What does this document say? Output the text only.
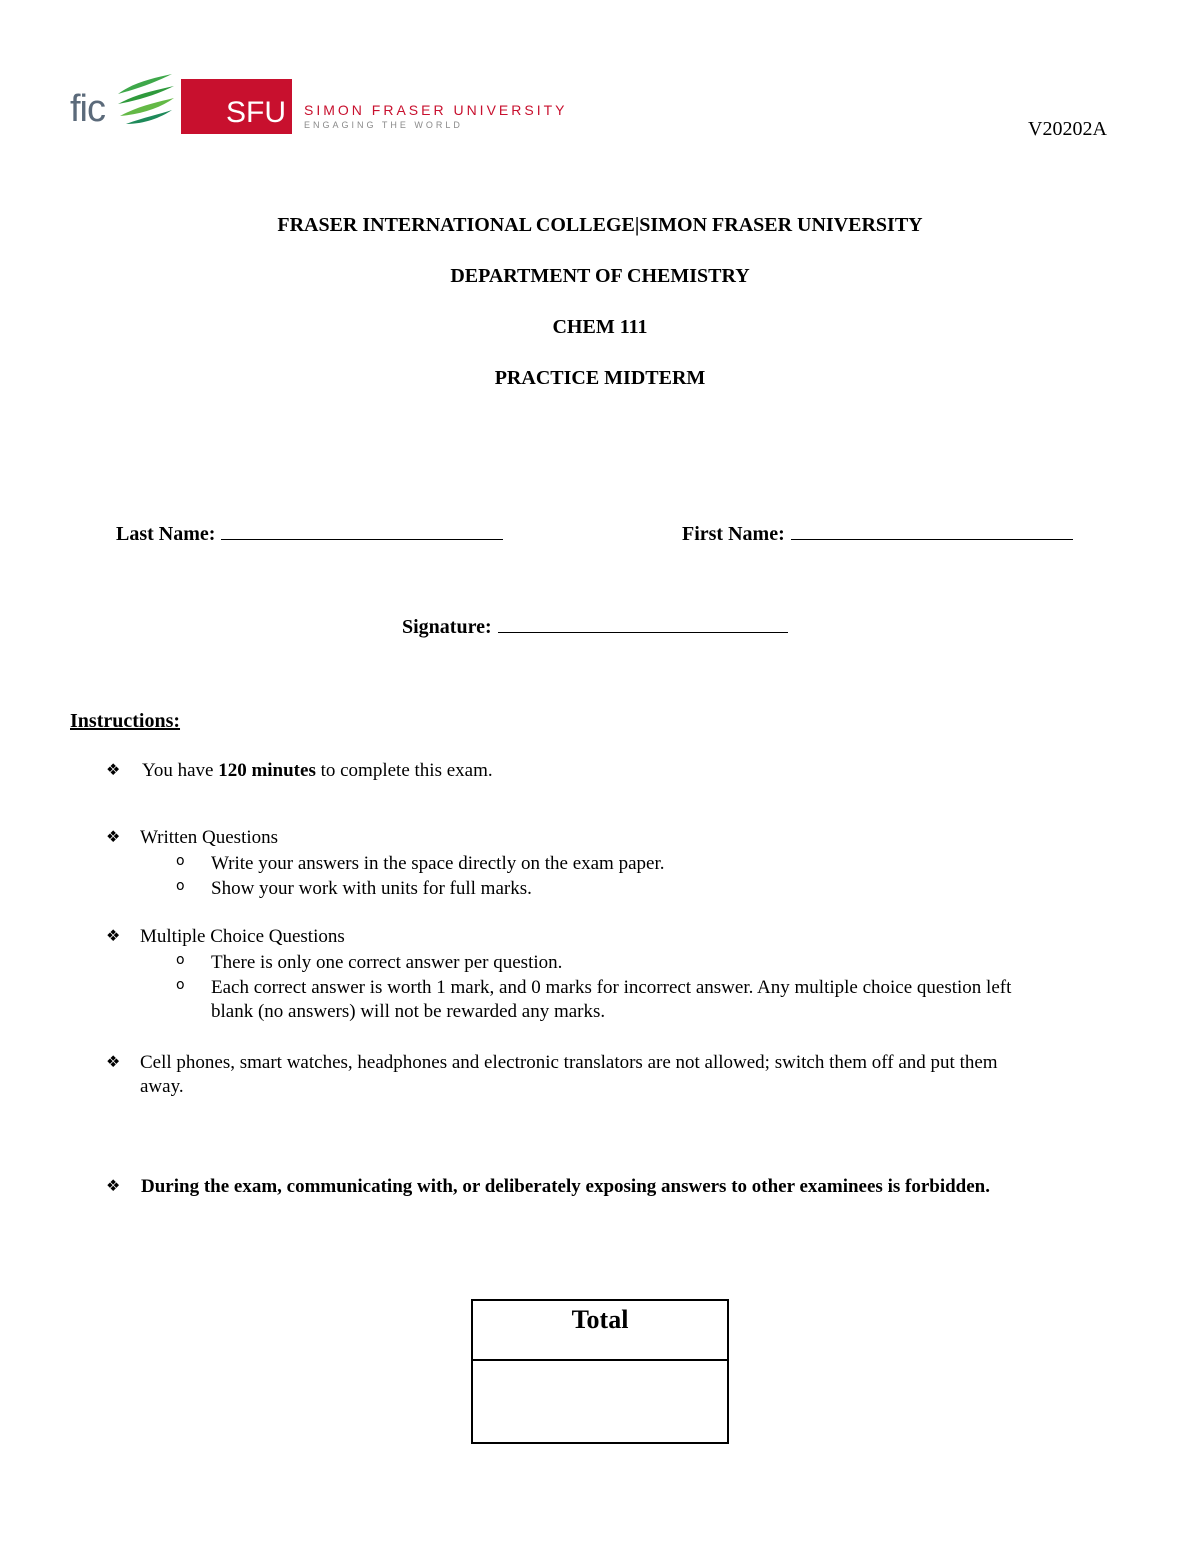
fic	SFU SIMON FRASER UNIVERSITY
ENGAGING THE WORLD	V20202A
FRASER INTERNATIONAL COLLEGE|SIMON FRASER UNIVERSITY
DEPARTMENT OF CHEMISTRY
CHEM 111
PRACTICE MIDTERM
Last Name:	First Name:
Signature:
Instructions:
❖ You have 120 minutes to complete this exam.
❖ Written Questions
o Write your answers in the space directly on the exam paper.
o Show your work with units for full marks.
❖ Multiple Choice Questions
o There is only one correct answer per question.
o Each correct answer is worth 1 mark, and 0 marks for incorrect answer. Any multiple choice question left
blank (no answers) will not be rewarded any marks.
❖ Cell phones, smart watches, headphones and electronic translators are not allowed; switch them off and put them
away.
❖ During the exam, communicating with, or deliberately exposing answers to other examinees is forbidden.
Total
